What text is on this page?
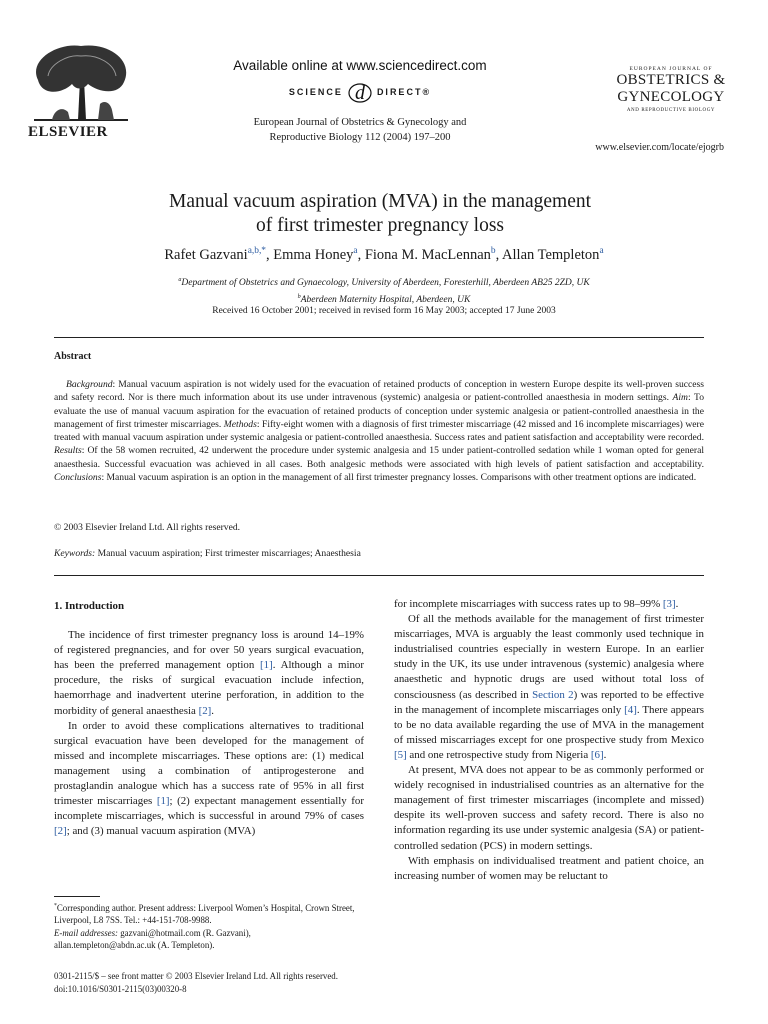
ELSEVIER
Available online at www.sciencedirect.com
SCIENCE d DIRECT®
European Journal of Obstetrics & Gynecology and
Reproductive Biology 112 (2004) 197–200
EUROPEAN JOURNAL OF
OBSTETRICS &
GYNECOLOGY
AND REPRODUCTIVE BIOLOGY
www.elsevier.com/locate/ejogrb
Manual vacuum aspiration (MVA) in the management
of first trimester pregnancy loss
Rafet Gazvani$^{a,b,*}$, Emma Honey$^a$, Fiona M. MacLennan$^b$, Allan Templeton$^a$
$^a$Department of Obstetrics and Gynaecology, University of Aberdeen, Foresterhill, Aberdeen AB25 2ZD, UK
$^b$Aberdeen Maternity Hospital, Aberdeen, UK
Received 16 October 2001; received in revised form 16 May 2003; accepted 17 June 2003
Abstract
Background: Manual vacuum aspiration is not widely used for the evacuation of retained products of conception in western Europe despite its well-proven success and safety record. Nor is there much information about its use under intravenous (systemic) analgesia or patient-controlled anaesthesia in modern settings. Aim: To evaluate the use of manual vacuum aspiration for the evacuation of retained products of conception under systemic analgesia or patient-controlled anaesthesia in the management of first trimester miscarriages. Methods: Fifty-eight women with a diagnosis of first trimester miscarriage (42 missed and 16 incomplete miscarriages) were treated with manual vacuum aspiration under systemic analgesia or patient-controlled anaesthesia. Success rates and patient satisfaction and acceptability were recorded. Results: Of the 58 women recruited, 42 underwent the procedure under systemic analgesia and 15 under patient-controlled sedation while 1 woman opted for general anaesthesia. Successful evacuation was achieved in all cases. Both analgesic methods were associated with high levels of patient satisfaction and acceptability. Conclusions: Manual vacuum aspiration is an option in the management of all first trimester pregnancy losses. Comparisons with other treatment options are indicated.
© 2003 Elsevier Ireland Ltd. All rights reserved.
Keywords: Manual vacuum aspiration; First trimester miscarriages; Anaesthesia
1. Introduction

The incidence of first trimester pregnancy loss is around 14–19% of registered pregnancies, and for over 50 years surgical evacuation, has been the preferred management option [1]. Although a minor procedure, the risks of surgical evacuation include infection, haemorrhage and inadvertent uterine perforation, in addition to the morbidity of general anaesthesia [2].

In order to avoid these complications alternatives to traditional surgical evacuation have been developed for the management of missed and incomplete miscarriages. These options are: (1) medical management using a combination of antiprogesterone and prostaglandin analogue which has a success rate of 95% in all first trimester miscarriages [1]; (2) expectant management essentially for incomplete miscarriages, which is successful in around 79% of cases [2]; and (3) manual vacuum aspiration (MVA)

for incomplete miscarriages with success rates up to 98–99% [3].

Of all the methods available for the management of first trimester miscarriages, MVA is arguably the least commonly used technique in industrialised countries especially in western Europe. In an earlier study in the UK, its use under intravenous (systemic) analgesia where anaesthetic and hypnotic drugs are used without total loss of consciousness (as described in Section 2) was reported to be effective in the management of incomplete miscarriages only [4]. There appears to be no data available regarding the use of MVA in the management of missed miscarriages except for one prospective study from Mexico [5] and one retrospective study from Nigeria [6].

At present, MVA does not appear to be as commonly performed or widely recognised in industrialised countries as an alternative for the management of first trimester miscarriages (incomplete and missed) despite its well-proven success and safety record. There is also no information regarding its use under systemic analgesia (SA) or patient-controlled sedation (PCS) in modern settings.

With emphasis on individualised treatment and patient choice, an increasing number of women may be reluctant to

*Corresponding author. Present address: Liverpool Women’s Hospital, Crown Street, Liverpool, L8 7SS. Tel.: +44-151-708-9988.
E-mail addresses: gazvani@hotmail.com (R. Gazvani),
allan.templeton@abdn.ac.uk (A. Templeton).
0301-2115/$ – see front matter © 2003 Elsevier Ireland Ltd. All rights reserved.
doi:10.1016/S0301-2115(03)00320-8
